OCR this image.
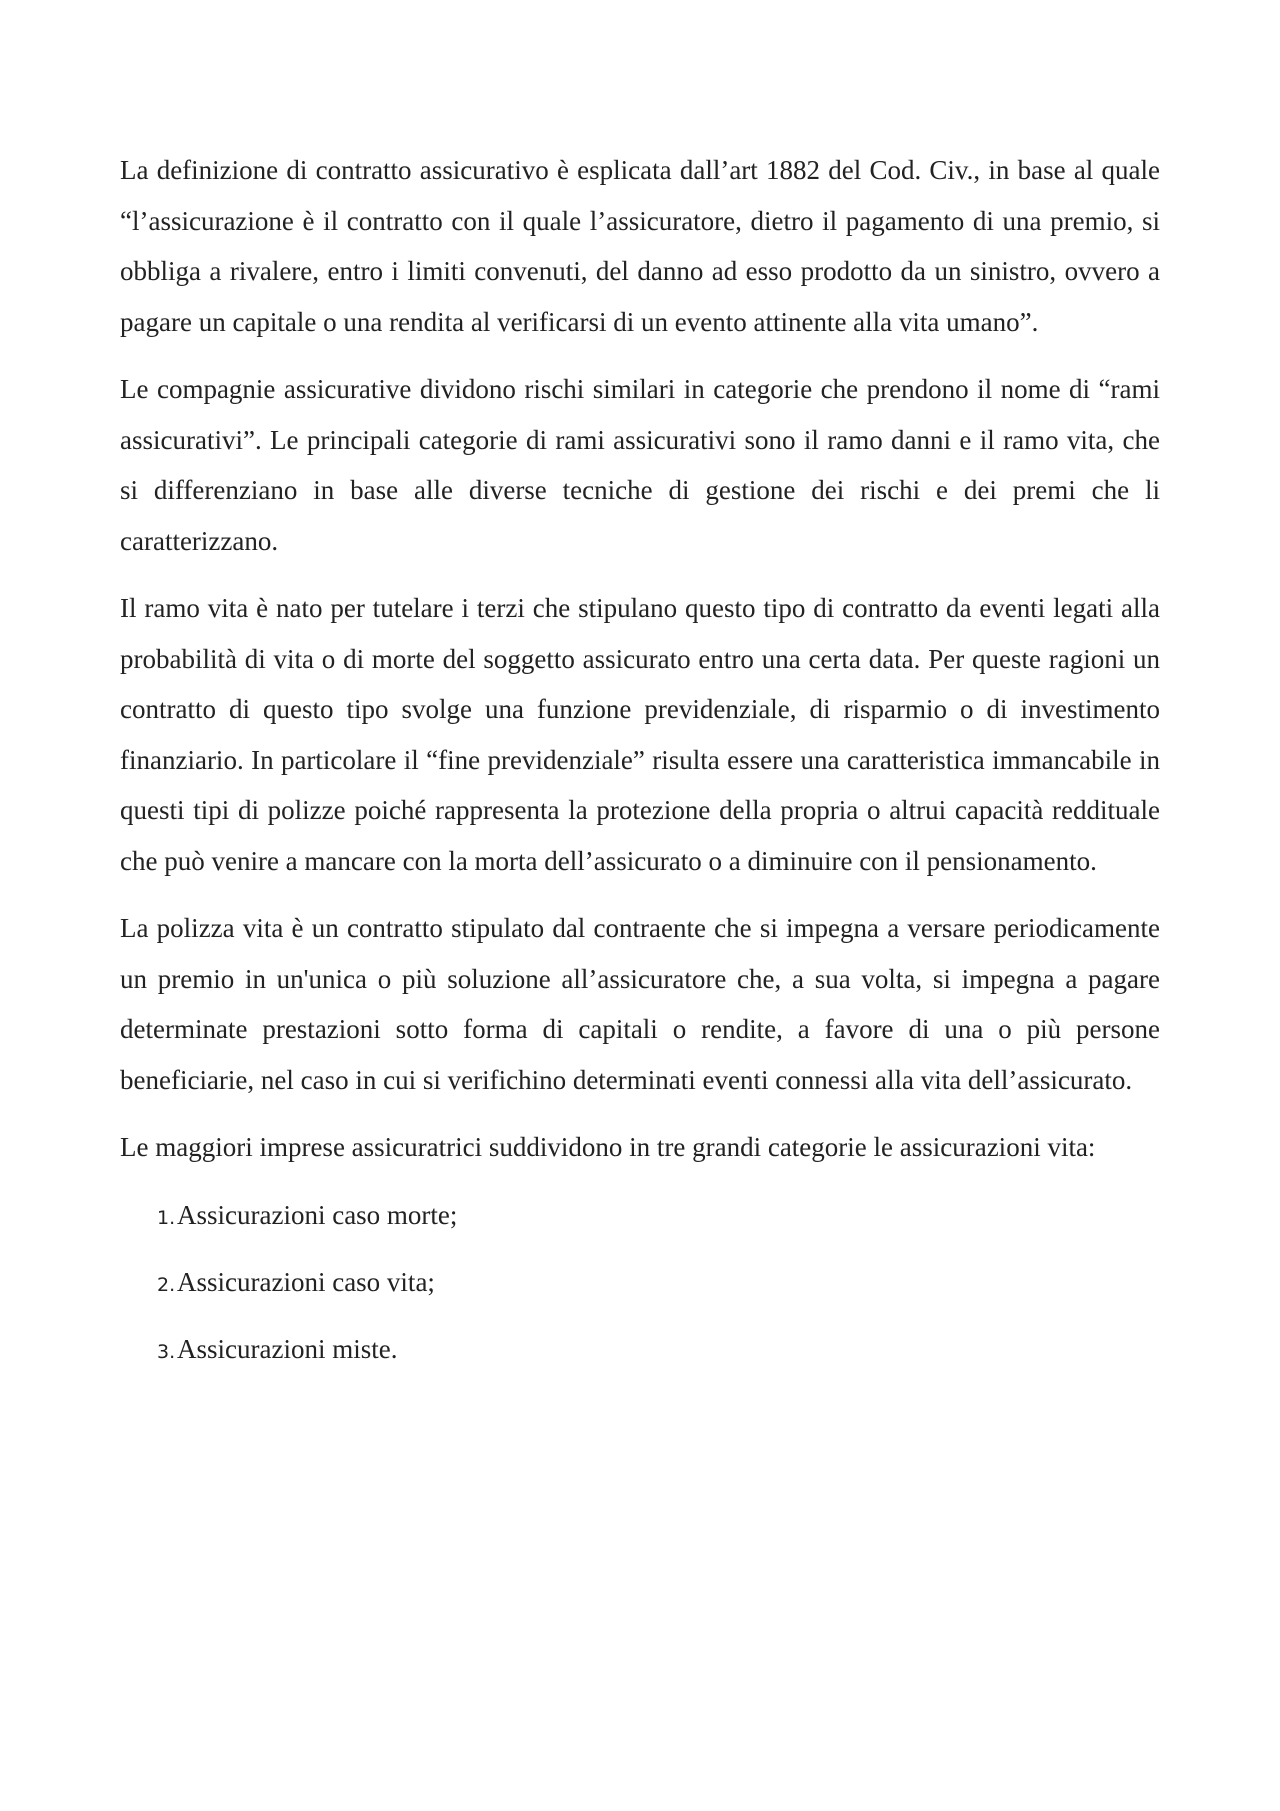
La definizione di contratto assicurativo è esplicata dall’art 1882 del Cod. Civ., in base al quale “l’assicurazione è il contratto con il quale l’assicuratore, dietro il pagamento di una premio, si obbliga a rivalere, entro i limiti convenuti, del danno ad esso prodotto da un sinistro, ovvero a pagare un capitale o una rendita al verificarsi di un evento attinente alla vita umano”.

Le compagnie assicurative dividono rischi similari in categorie che prendono il nome di “rami assicurativi”. Le principali categorie di rami assicurativi sono il ramo danni e il ramo vita, che si differenziano in base alle diverse tecniche di gestione dei rischi e dei premi che li caratterizzano.

Il ramo vita è nato per tutelare i terzi che stipulano questo tipo di contratto da eventi legati alla probabilità di vita o di morte del soggetto assicurato entro una certa data. Per queste ragioni un contratto di questo tipo svolge una funzione previdenziale, di risparmio o di investimento finanziario. In particolare il “fine previdenziale” risulta essere una caratteristica immancabile in questi tipi di polizze poiché rappresenta la protezione della propria o altrui capacità reddituale che può venire a mancare con la morta dell’assicurato o a diminuire con il pensionamento.

La polizza vita è un contratto stipulato dal contraente che si impegna a versare periodicamente un premio in un'unica o più soluzione all’assicuratore che, a sua volta, si impegna a pagare determinate prestazioni sotto forma di capitali o rendite, a favore di una o più persone beneficiarie, nel caso in cui si verifichino determinati eventi connessi alla vita dell’assicurato.

Le maggiori imprese assicuratrici suddividono in tre grandi categorie le assicurazioni vita:

1. Assicurazioni caso morte;
2. Assicurazioni caso vita;
3. Assicurazioni miste.
